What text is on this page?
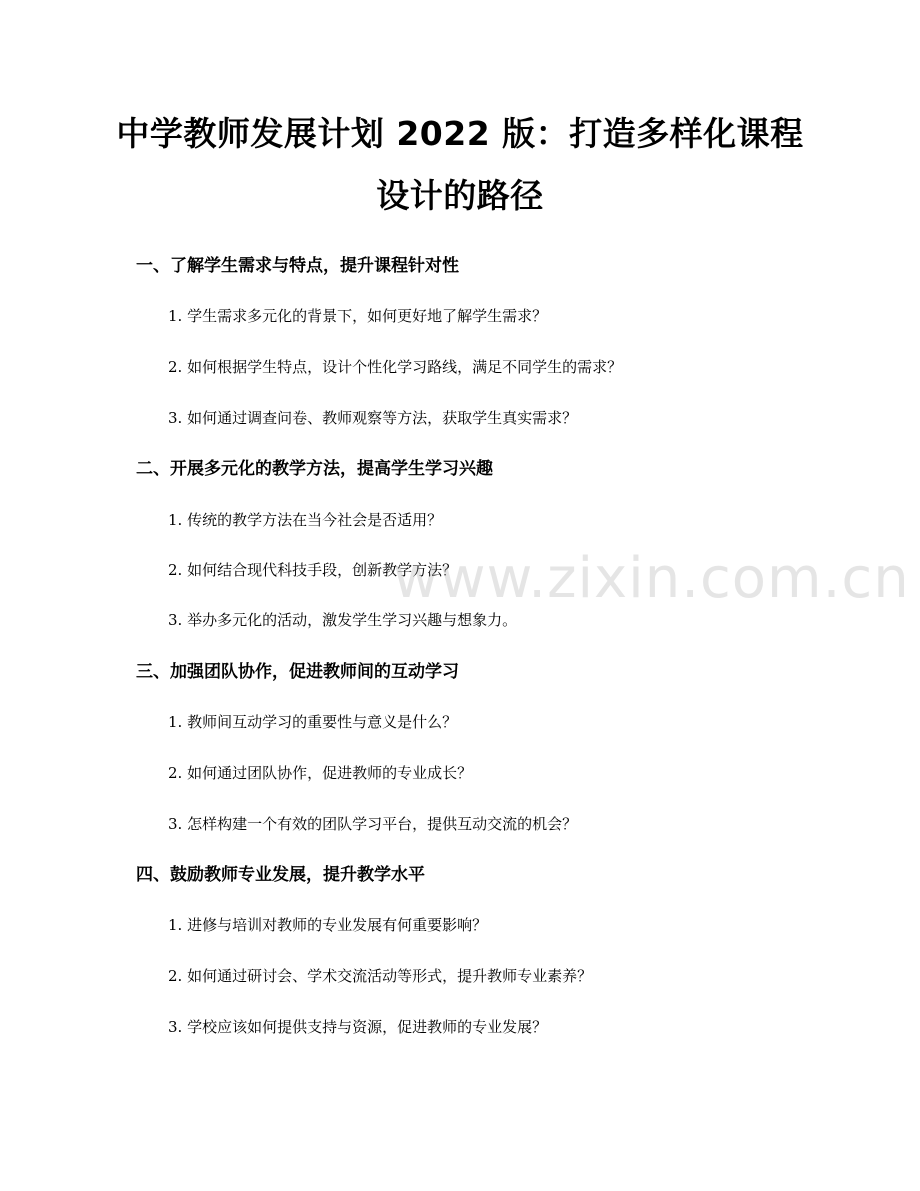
中学教师发展计划 2022 版：打造多样化课程
设计的路径
一、了解学生需求与特点，提升课程针对性
1. 学生需求多元化的背景下，如何更好地了解学生需求？
2. 如何根据学生特点，设计个性化学习路线，满足不同学生的需求？
3. 如何通过调查问卷、教师观察等方法，获取学生真实需求？
二、开展多元化的教学方法，提高学生学习兴趣
1. 传统的教学方法在当今社会是否适用？
2. 如何结合现代科技手段，创新教学方法？
3. 举办多元化的活动，激发学生学习兴趣与想象力。
三、加强团队协作，促进教师间的互动学习
1. 教师间互动学习的重要性与意义是什么？
2. 如何通过团队协作，促进教师的专业成长？
3. 怎样构建一个有效的团队学习平台，提供互动交流的机会？
四、鼓励教师专业发展，提升教学水平
1. 进修与培训对教师的专业发展有何重要影响？
2. 如何通过研讨会、学术交流活动等形式，提升教师专业素养？
3. 学校应该如何提供支持与资源，促进教师的专业发展？
www.zixin.com.cn
